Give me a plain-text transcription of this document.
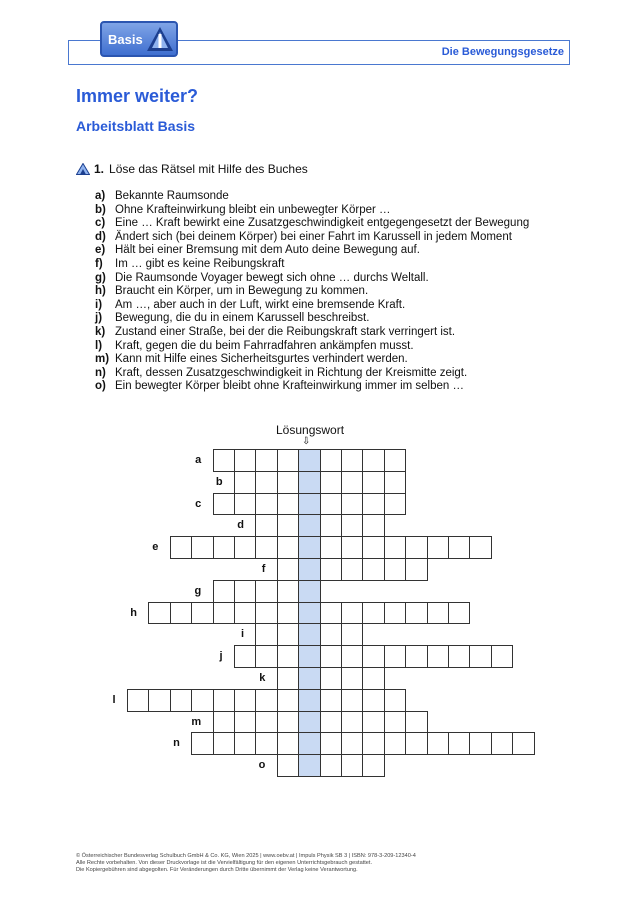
Basis
Die Bewegungsgesetze
Immer weiter?
Arbeitsblatt Basis
1. Löse das Rätsel mit Hilfe des Buches
a) Bekannte Raumsonde
b) Ohne Krafteinwirkung bleibt ein unbewegter Körper …
c) Eine … Kraft bewirkt eine Zusatzgeschwindigkeit entgegengesetzt der Bewegung
d) Ändert sich (bei deinem Körper) bei einer Fahrt im Karussell in jedem Moment
e) Hält bei einer Bremsung mit dem Auto deine Bewegung auf.
f) Im … gibt es keine Reibungskraft
g) Die Raumsonde Voyager bewegt sich ohne … durchs Weltall.
h) Braucht ein Körper, um in Bewegung zu kommen.
i) Am …, aber auch in der Luft, wirkt eine bremsende Kraft.
j) Bewegung, die du in einem Karussell beschreibst.
k) Zustand einer Straße, bei der die Reibungskraft stark verringert ist.
l) Kraft, gegen die du beim Fahrradfahren ankämpfen musst.
m) Kann mit Hilfe eines Sicherheitsgurtes verhindert werden.
n) Kraft, dessen Zusatzgeschwindigkeit in Richtung der Kreismitte zeigt.
o) Ein bewegter Körper bleibt ohne Krafteinwirkung immer im selben …
Lösungswort
⇩
a
b
c
d
e
f
g
h
i
j
k
l
m
n
o
© Österreichischer Bundesverlag Schulbuch GmbH & Co. KG, Wien 2025 | www.oebv.at | Impuls Physik SB 3 | ISBN: 978-3-209-12340-4
Alle Rechte vorbehalten. Von dieser Druckvorlage ist die Vervielfältigung für den eigenen Unterrichtsgebrauch gestattet.
Die Kopiergebühren sind abgegolten. Für Veränderungen durch Dritte übernimmt der Verlag keine Verantwortung.
